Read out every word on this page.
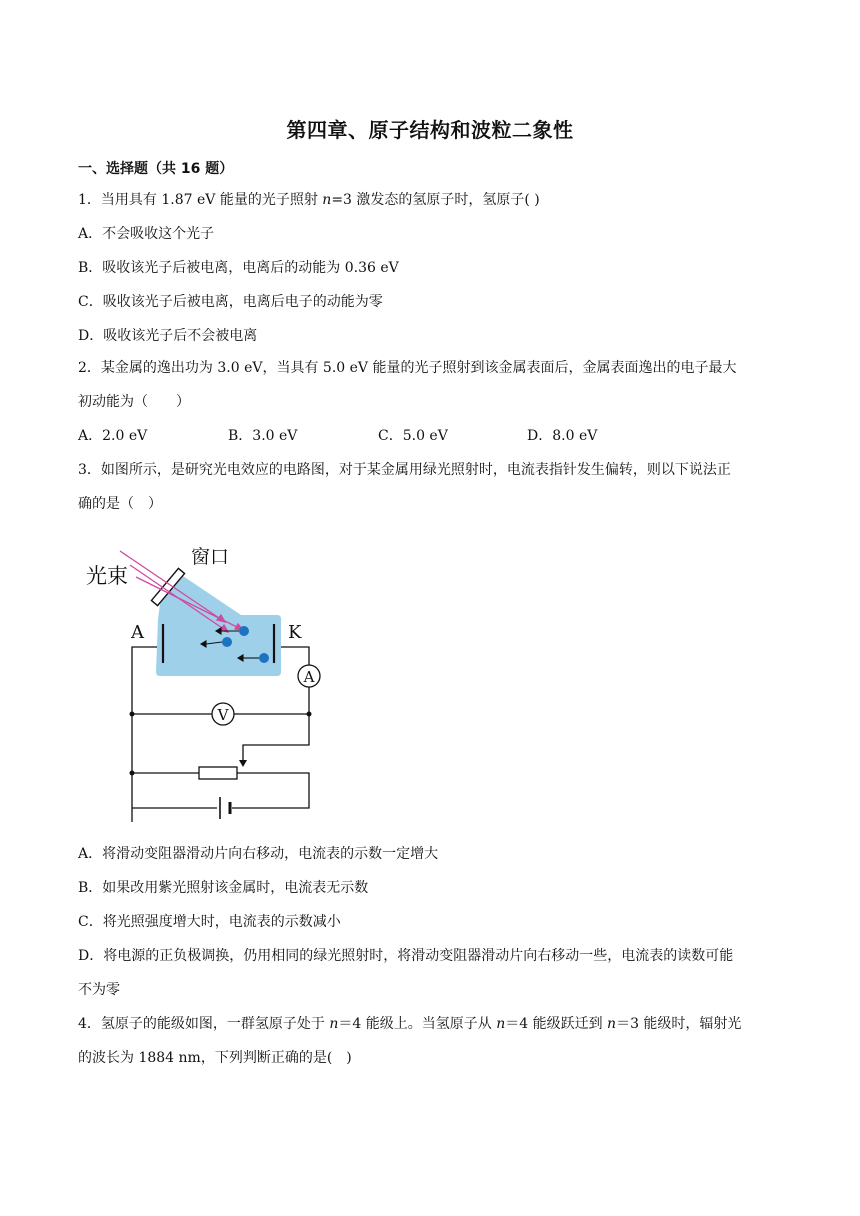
第四章、原子结构和波粒二象性
一、选择题（共 16 题）
1．当用具有 1.87 eV 能量的光子照射 n=3 激发态的氢原子时，氢原子( )
A．不会吸收这个光子
B．吸收该光子后被电离，电离后的动能为 0.36 eV
C．吸收该光子后被电离，电离后电子的动能为零
D．吸收该光子后不会被电离
2．某金属的逸出功为 3.0 eV，当具有 5.0 eV 能量的光子照射到该金属表面后，金属表面逸出的电子最大
初动能为（　　）
A．2.0 eV	B．3.0 eV	C．5.0 eV	D．8.0 eV
3．如图所示，是研究光电效应的电路图，对于某金属用绿光照射时，电流表指针发生偏转，则以下说法正
确的是（　）
光束
窗口
A	K
A
V
A．将滑动变阻器滑动片向右移动，电流表的示数一定增大
B．如果改用紫光照射该金属时，电流表无示数
C．将光照强度增大时，电流表的示数减小
D．将电源的正负极调换，仍用相同的绿光照射时，将滑动变阻器滑动片向右移动一些，电流表的读数可能
不为零
4．氢原子的能级如图，一群氢原子处于 n＝4 能级上。当氢原子从 n＝4 能级跃迁到 n＝3 能级时，辐射光
的波长为 1884 nm，下列判断正确的是(　)
